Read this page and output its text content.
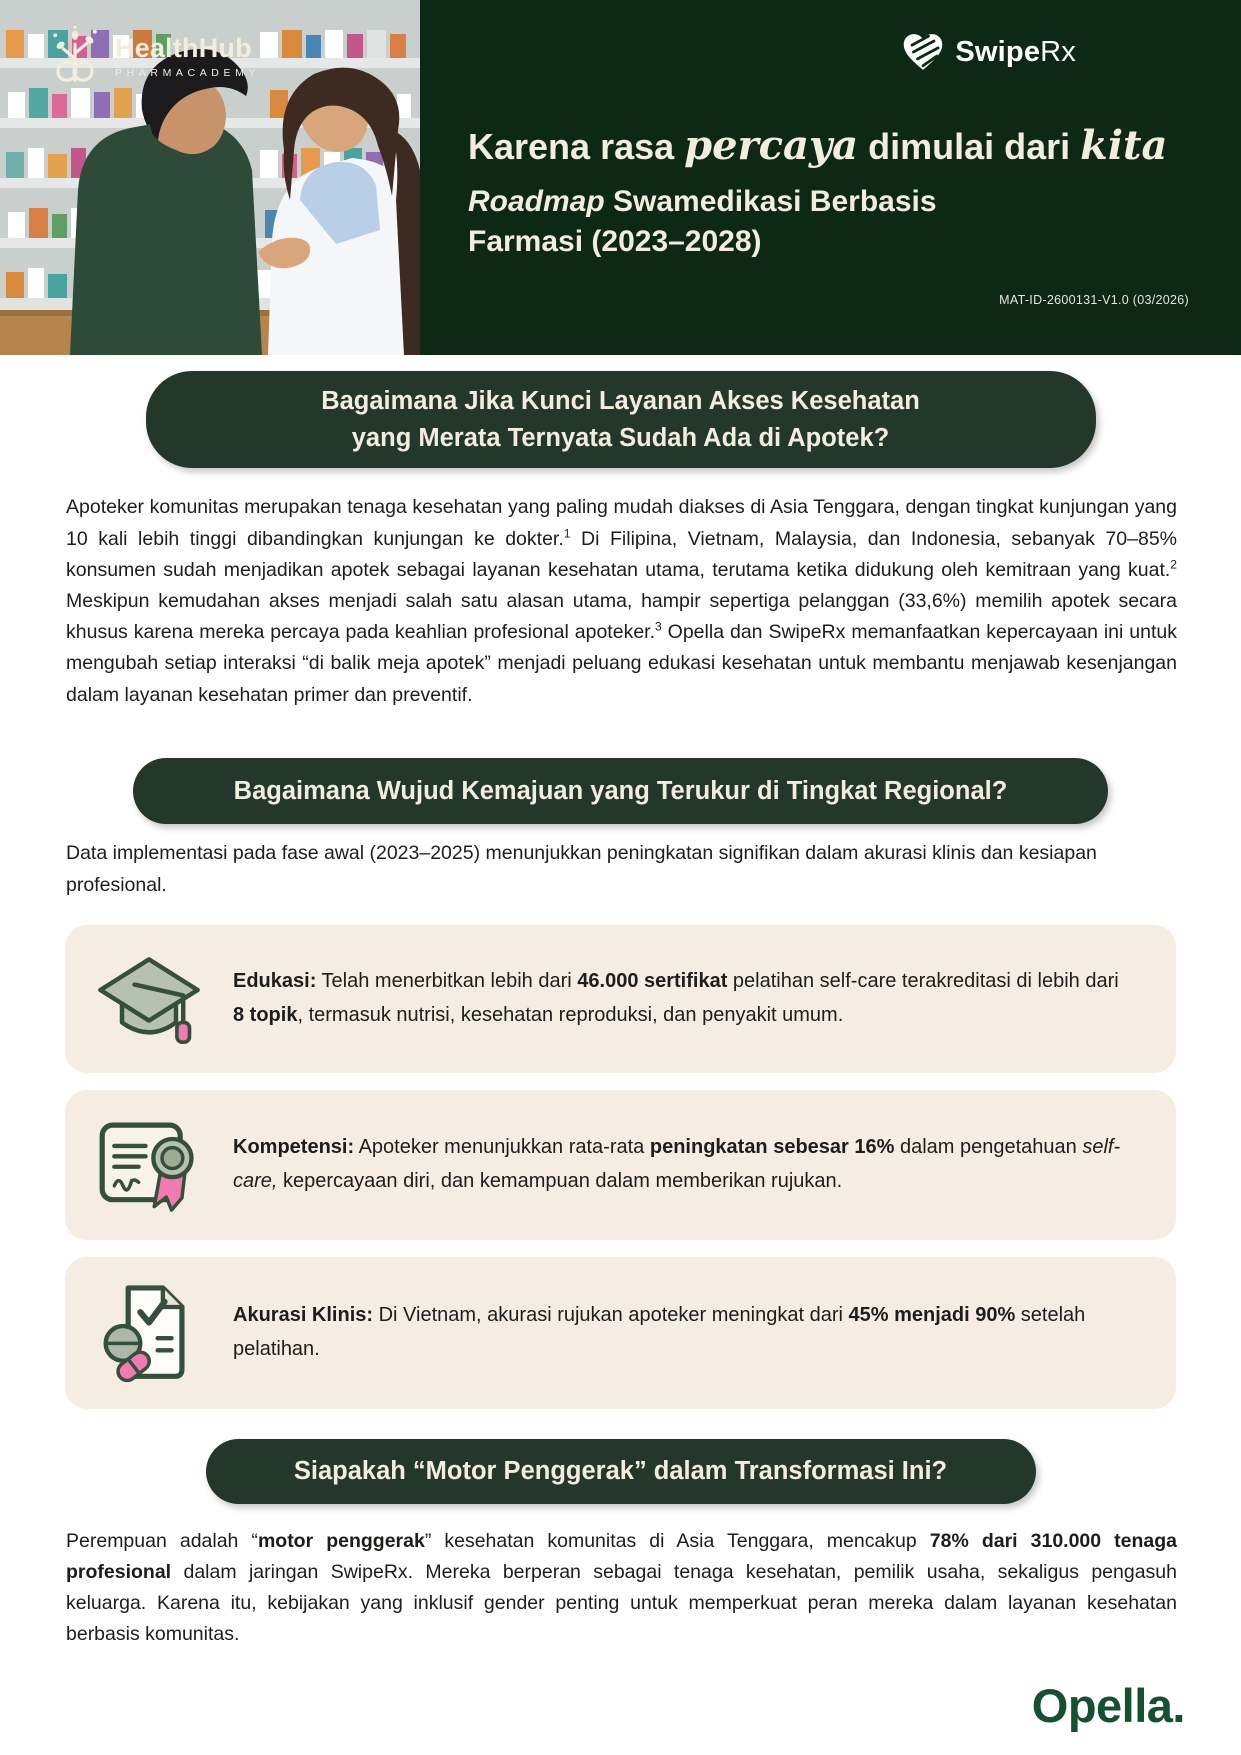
HealthHub
PHARMACADEMY
SwipeRx
Karena rasa percaya dimulai dari kita
Roadmap Swamedikasi Berbasis Farmasi (2023–2028)
MAT-ID-2600131-V1.0 (03/2026)
Bagaimana Jika Kunci Layanan Akses Kesehatan
yang Merata Ternyata Sudah Ada di Apotek?

Apoteker komunitas merupakan tenaga kesehatan yang paling mudah diakses di Asia Tenggara, dengan tingkat kunjungan yang 10 kali lebih tinggi dibandingkan kunjungan ke dokter.$^1$ Di Filipina, Vietnam, Malaysia, dan Indonesia, sebanyak 70–85% konsumen sudah menjadikan apotek sebagai layanan kesehatan utama, terutama ketika didukung oleh kemitraan yang kuat.$^2$ Meskipun kemudahan akses menjadi salah satu alasan utama, hampir sepertiga pelanggan (33,6%) memilih apotek secara khusus karena mereka percaya pada keahlian profesional apoteker.$^3$ Opella dan SwipeRx memanfaatkan kepercayaan ini untuk mengubah setiap interaksi “di balik meja apotek” menjadi peluang edukasi kesehatan untuk membantu menjawab kesenjangan dalam layanan kesehatan primer dan preventif.

Bagaimana Wujud Kemajuan yang Terukur di Tingkat Regional?

Data implementasi pada fase awal (2023–2025) menunjukkan peningkatan signifikan dalam akurasi klinis dan kesiapan profesional.

Edukasi: Telah menerbitkan lebih dari 46.000 sertifikat pelatihan self-care terakreditasi di lebih dari 8 topik, termasuk nutrisi, kesehatan reproduksi, dan penyakit umum.
Kompetensi: Apoteker menunjukkan rata-rata peningkatan sebesar 16% dalam pengetahuan self-care, kepercayaan diri, dan kemampuan dalam memberikan rujukan.
Akurasi Klinis: Di Vietnam, akurasi rujukan apoteker meningkat dari 45% menjadi 90% setelah pelatihan.
Siapakah “Motor Penggerak” dalam Transformasi Ini?

Perempuan adalah “motor penggerak” kesehatan komunitas di Asia Tenggara, mencakup 78% dari 310.000 tenaga profesional dalam jaringan SwipeRx. Mereka berperan sebagai tenaga kesehatan, pemilik usaha, sekaligus pengasuh keluarga. Karena itu, kebijakan yang inklusif gender penting untuk memperkuat peran mereka dalam layanan kesehatan berbasis komunitas.

Opella.
